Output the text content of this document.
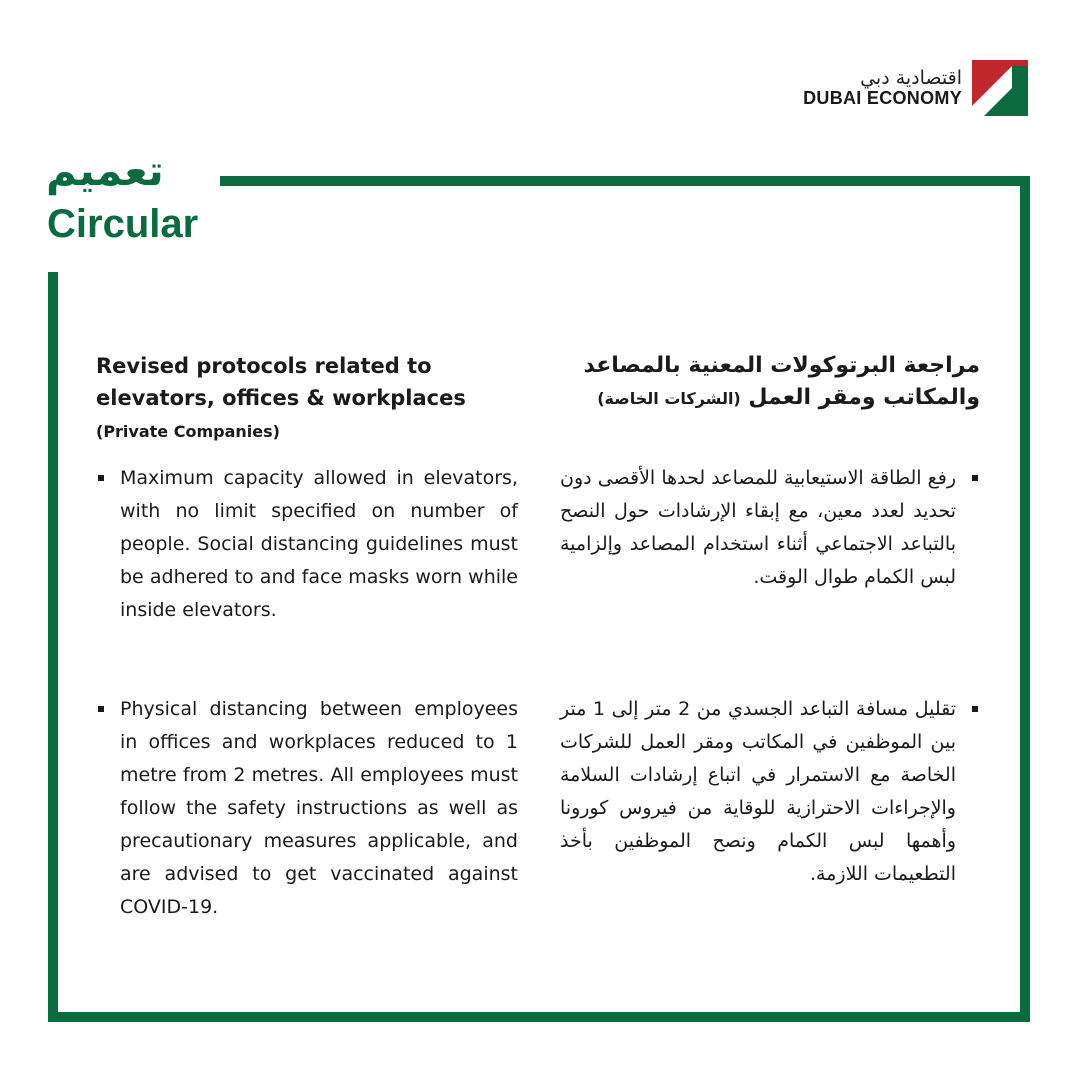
اقتصادية دبي
DUBAI ECONOMY
تعميم
Circular
Revised protocols related to elevators, offices & workplaces (Private Companies)
مراجعة البرتوكولات المعنية بالمصاعد والمكاتب ومقر العمل (الشركات الخاصة)
Maximum capacity allowed in elevators, with no limit specified on number of people. Social distancing guidelines must be adhered to and face masks worn while inside elevators.
Physical distancing between employees in offices and workplaces reduced to 1 metre from 2 metres. All employees must follow the safety instructions as well as precautionary measures applicable, and are advised to get vaccinated against COVID-19.
رفع الطاقة الاستيعابية للمصاعد لحدها الأقصى دون تحديد لعدد معين، مع إبقاء الإرشادات حول النصح بالتباعد الاجتماعي أثناء استخدام المصاعد وإلزامية لبس الكمام طوال الوقت.
تقليل مسافة التباعد الجسدي من 2 متر إلى 1 متر بين الموظفين في المكاتب ومقر العمل للشركات الخاصة مع الاستمرار في اتباع إرشادات السلامة والإجراءات الاحترازية للوقاية من فيروس كورونا وأهمها لبس الكمام ونصح الموظفين بأخذ التطعيمات اللازمة.
